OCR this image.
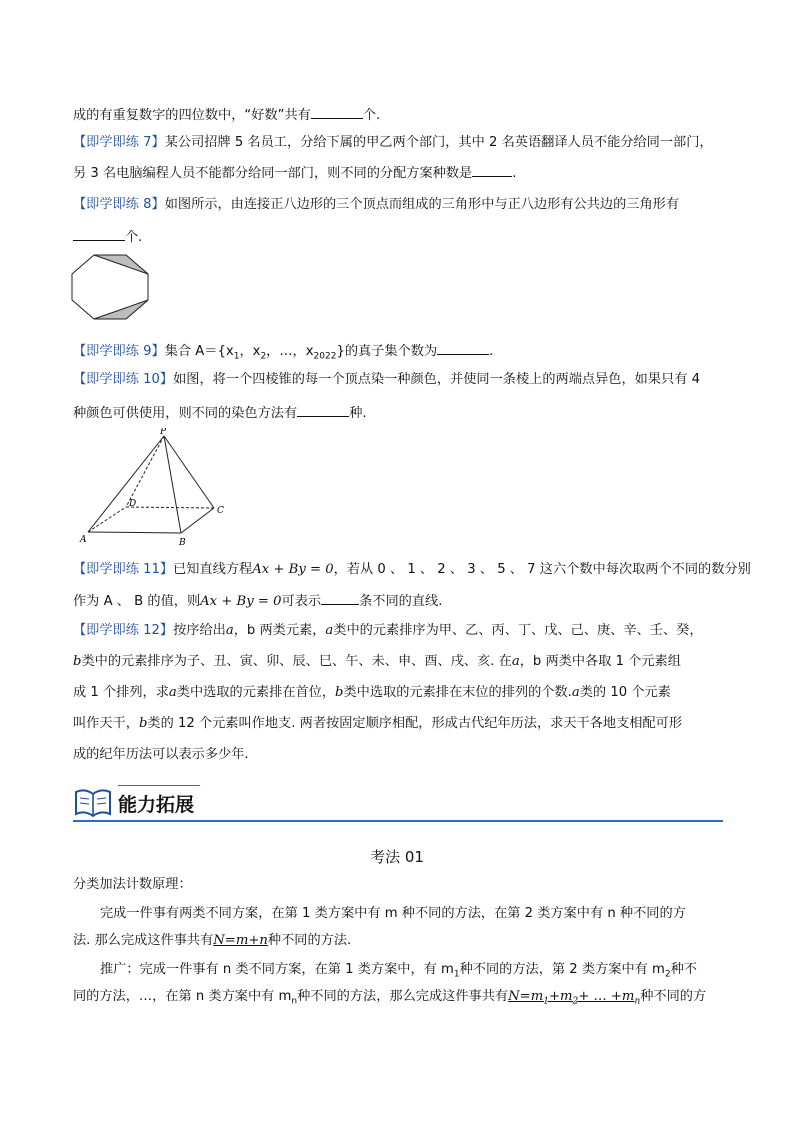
成的有重复数字的四位数中，“好数”共有	个.
【即学即练 7】某公司招牌 5 名员工，分给下属的甲乙两个部门，其中 2 名英语翻译人员不能分给同一部门，
另 3 名电脑编程人员不能都分给同一部门，则不同的分配方案种数是	.
【即学即练 8】如图所示，由连接正八边形的三个顶点而组成的三角形中与正八边形有公共边的三角形有
个.
【即学即练 9】集合 $A=\{x_1$，$x_2$，…，$x_{2022}$}的真子集个数为	.
【即学即练 10】如图，将一个四棱锥的每一个顶点染一种颜色，并使同一条棱上的两端点异色，如果只有 4
种颜色可供使用，则不同的染色方法有	种.
P
D
C
A	B
【即学即练 11】已知直线方程Ax + By = 0，若从 0 、 1 、 2 、 3 、 5 、 7 这六个数中每次取两个不同的数分别
作为 A 、 B 的值，则Ax + By = 0可表示	条不同的直线.
【即学即练 12】按序给出a，b 两类元素，a类中的元素排序为甲、乙、丙、丁、戊、己、庚、辛、壬、癸，
b类中的元素排序为子、丑、寅、卯、辰、巳、午、未、申、酉、戌、亥. 在a，b 两类中各取 1 个元素组
成 1 个排列，求a类中选取的元素排在首位，b类中选取的元素排在末位的排列的个数.a类的 10 个元素
叫作天干，b类的 12 个元素叫作地支. 两者按固定顺序相配，形成古代纪年历法，求天干各地支相配可形
成的纪年历法可以表示多少年.
能力拓展
考法 01
分类加法计数原理：
完成一件事有两类不同方案，在第 1 类方案中有 m 种不同的方法，在第 2 类方案中有 n 种不同的方
法. 那么完成这件事共有N=m+n种不同的方法.
推广：完成一件事有 n 类不同方案，在第 1 类方案中，有 $m_1$种不同的方法，第 2 类方案中有 $m_2$种不
同的方法，…，在第 n 类方案中有 $m_n$种不同的方法，那么完成这件事共有$N=m_1+m_2+$ … $+m_n$种不同的方
